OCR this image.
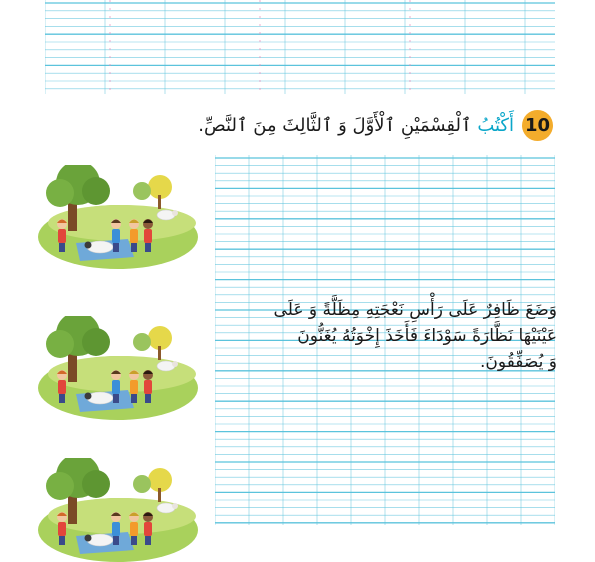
10
أَكْتُبُ ٱلْقِسْمَيْنِ ٱلْأَوَّلَ وَ ٱلثَّالِثَ مِنَ ٱلنَّصِّ.
وَضَعَ ظَافِرٌ عَلَى رَأْسِ نَعْجَتِهِ مِظَلَّةً وَ عَلَى
عَيْنَيْهَا نَظَّارَةً سَوْدَاءَ فَأَخَذَ إِخْوَتُهُ يُغَنُّونَ
وَ يُصَفِّقُونَ.
